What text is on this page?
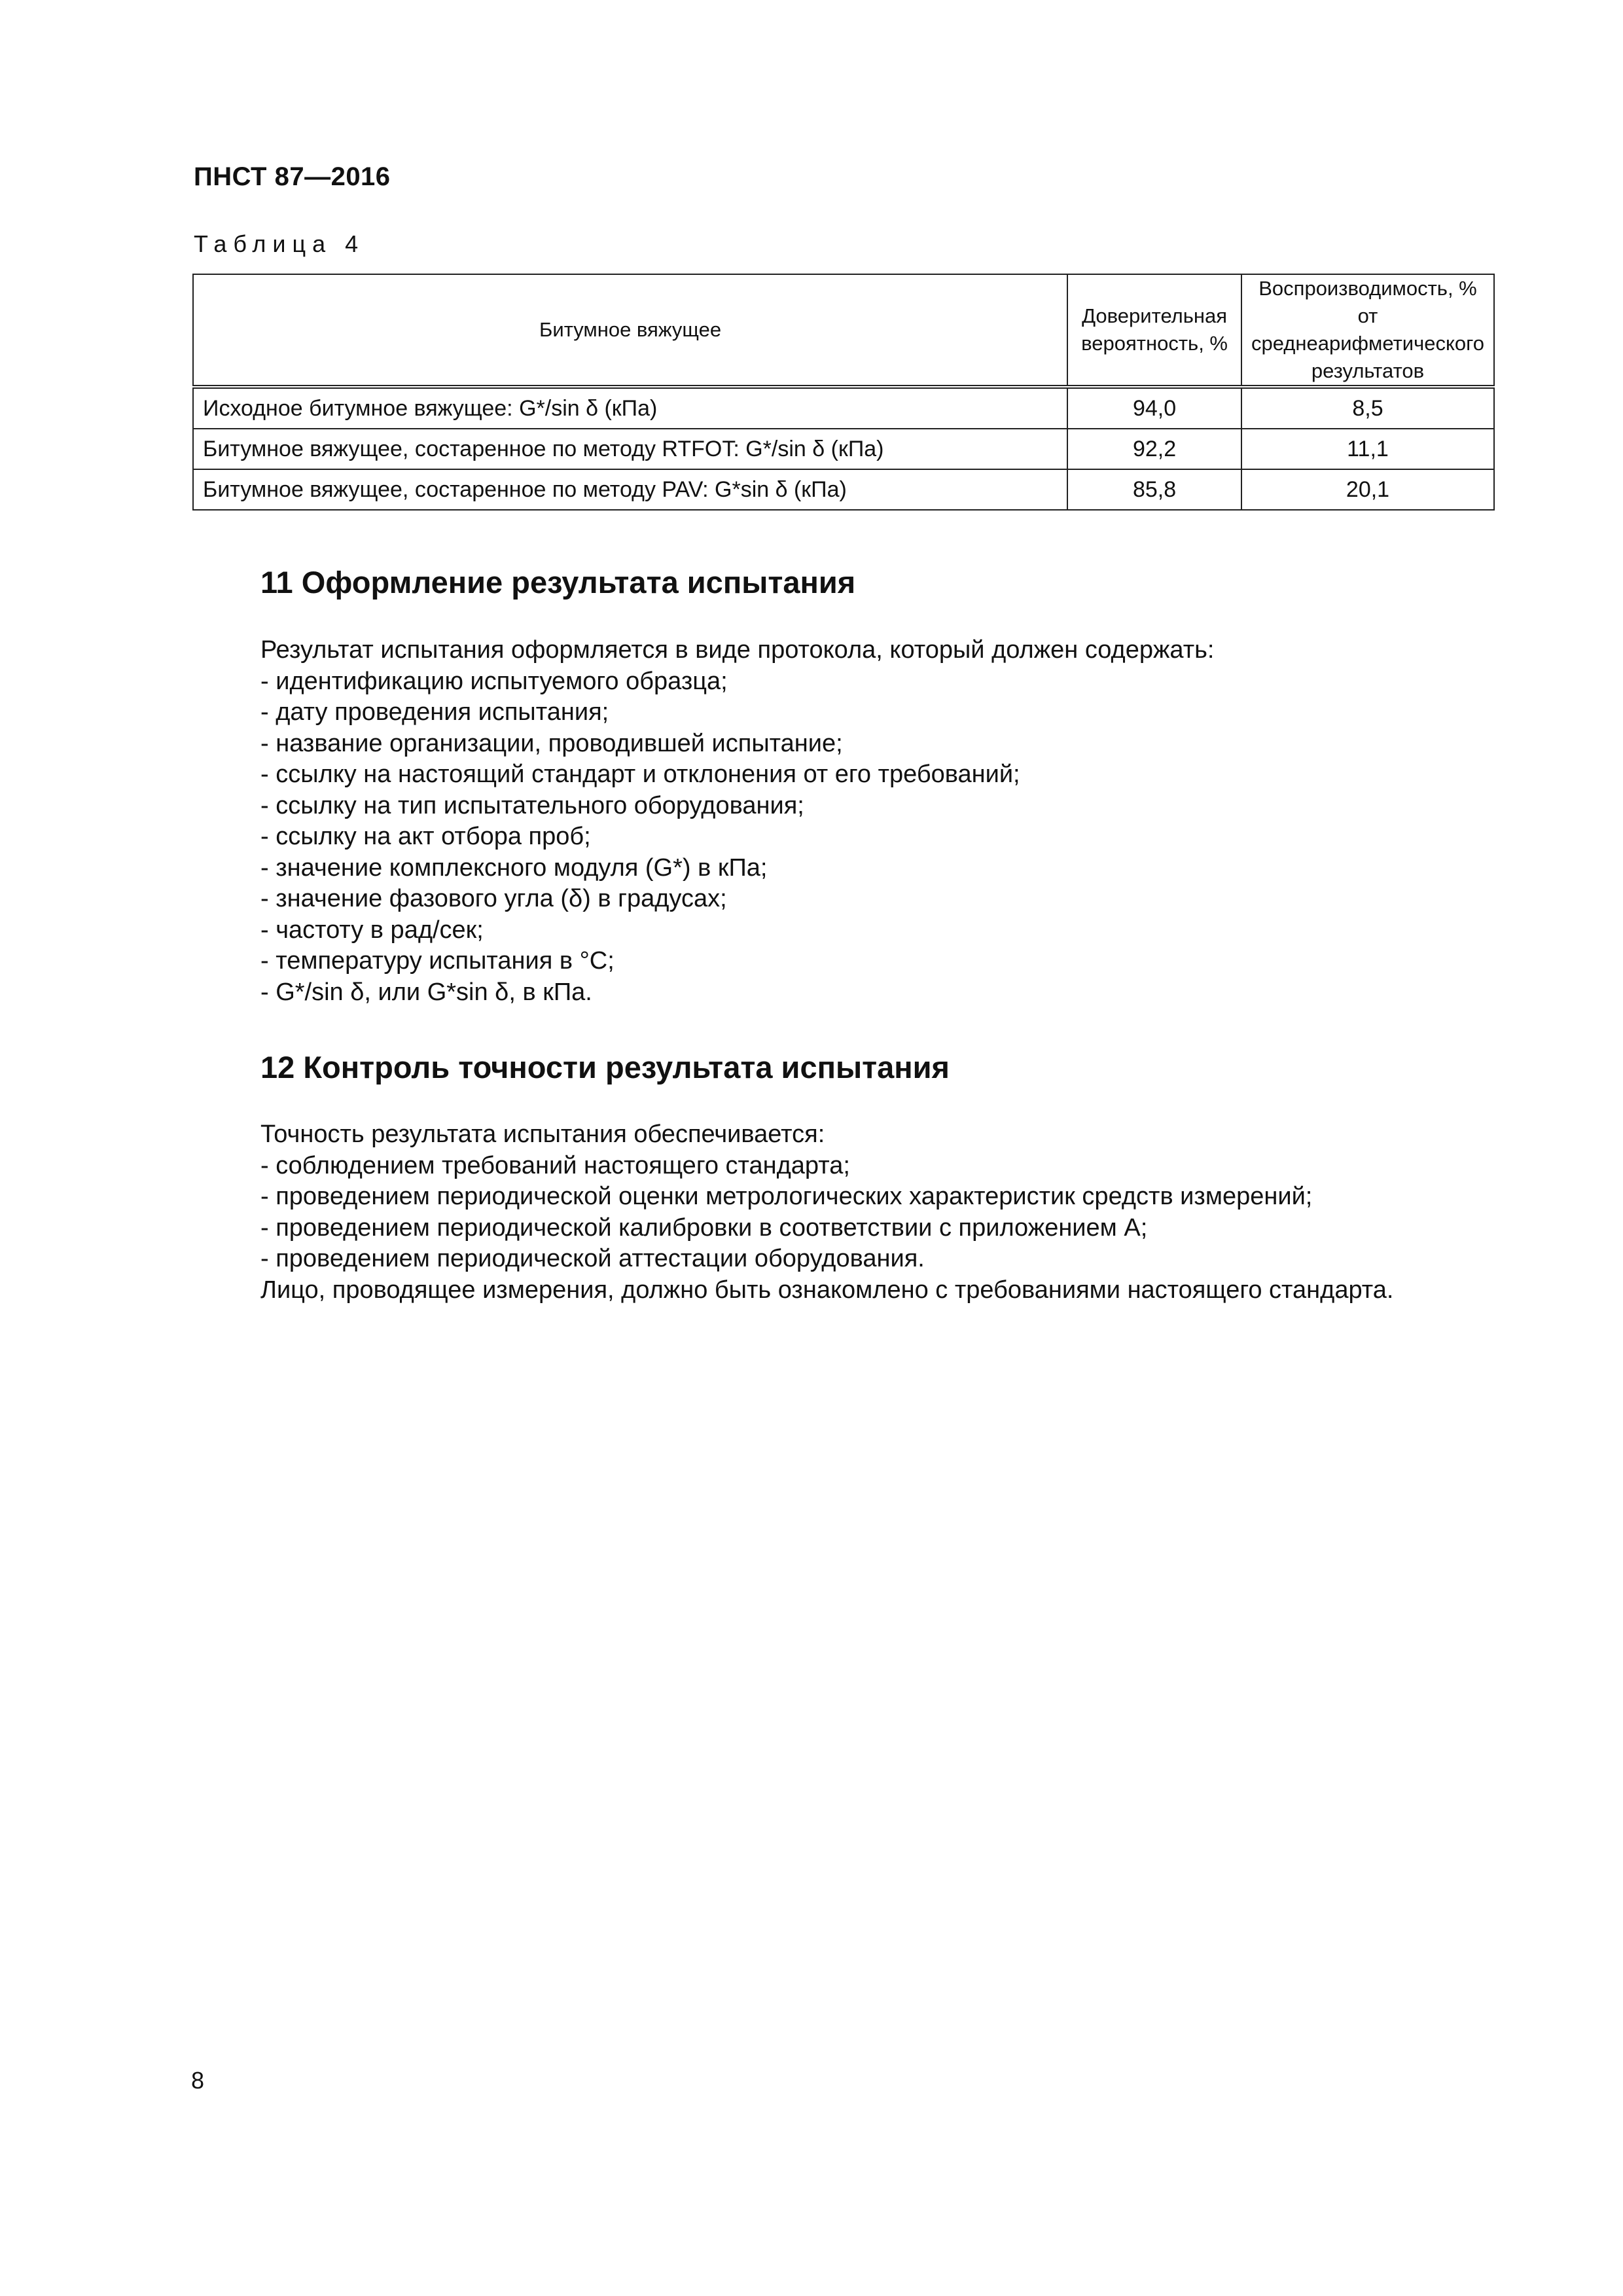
ПНСТ 87—2016
Таблица 4
Битумное вяжущее	Доверительная вероятность, %	Воспроизводимость, % от среднеарифметического результатов
Исходное битумное вяжущее: G*/sin δ (кПа)	94,0	8,5
Битумное вяжущее, состаренное по методу RTFOT: G*/sin δ (кПа)	92,2	11,1
Битумное вяжущее, состаренное по методу PAV: G*sin δ (кПа)	85,8	20,1
11 Оформление результата испытания

Результат испытания оформляется в виде протокола, который должен содержать:

- идентификацию испытуемого образца;

- дату проведения испытания;

- название организации, проводившей испытание;

- ссылку на настоящий стандарт и отклонения от его требований;

- ссылку на тип испытательного оборудования;

- ссылку на акт отбора проб;

- значение комплексного модуля (G*) в кПа;

- значение фазового угла (δ) в градусах;

- частоту в рад/сек;

- температуру испытания в °С;

- G*/sin δ, или G*sin δ, в кПа.

12 Контроль точности результата испытания

Точность результата испытания обеспечивается:

- соблюдением требований настоящего стандарта;

- проведением периодической оценки метрологических характеристик средств измерений;

- проведением периодической калибровки в соответствии с приложением А;

- проведением периодической аттестации оборудования.

Лицо, проводящее измерения, должно быть ознакомлено с требованиями настоящего стандарта.

8
